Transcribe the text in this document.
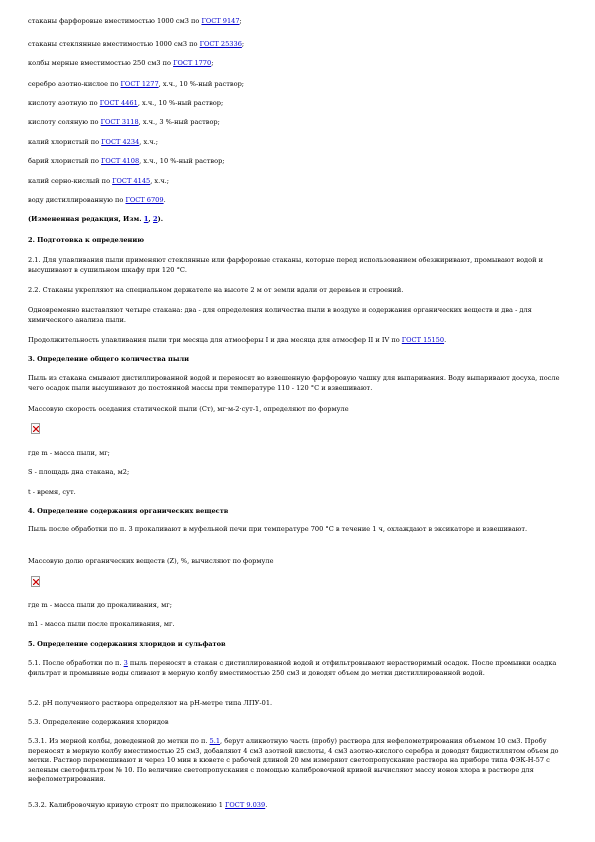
стаканы фарфоровые вместимостью 1000 см3 по ГОСТ 9147;
стаканы стеклянные вместимостью 1000 см3 по ГОСТ 25336;
колбы мерные вместимостью 250 см3 по ГОСТ 1770;
серебро азотно-кислое по ГОСТ 1277, х.ч., 10 %-ный раствор;
кислоту азотную по ГОСТ 4461, х.ч., 10 %-ный раствор;
кислоту соляную по ГОСТ 3118, х.ч., 3 %-ный раствор;
калий хлористый по ГОСТ 4234, х.ч.;
барий хлористый по ГОСТ 4108, х.ч., 10 %-ный раствор;
калий серно-кислый по ГОСТ 4145, х.ч.;
воду дистиллированную по ГОСТ 6709.
(Измененная редакция, Изм. 1, 2).
2. Подготовка к определению
2.1. Для улавливания пыли применяют стеклянные или фарфоровые стаканы, которые перед использованием обезжиривают, промывают водой и высушивают в сушильном шкафу при 120 °С.
2.2. Стаканы укрепляют на специальном держателе на высоте 2 м от земли вдали от деревьев и строений.
Одновременно выставляют четыре стакана: два - для определения количества пыли в воздухе и содержания органических веществ и два - для химического анализа пыли.
Продолжительность улавливания пыли три месяца для атмосферы I и два месяца для атмосфер II и IV по ГОСТ 15150.
3. Определение общего количества пыли
Пыль из стакана смывают дистиллированной водой и переносят во взвешенную фарфоровую чашку для выпаривания. Воду выпаривают досуха, после чего осадок пыли высушивают до постоянной массы при температуре 110 - 120 °С и взвешивают.
Массовую скорость оседания статической пыли (Ст), мг·м-2·сут-1, определяют по формуле
где m - масса пыли, мг;
S - площадь дна стакана, м2;
t - время, сут.
4. Определение содержания органических веществ
Пыль после обработки по п. 3 прокаливают в муфельной печи при температуре 700 °С в течение 1 ч, охлаждают в эксикаторе и взвешивают.
Массовую долю органических веществ (Z), %, вычисляют по формуле
где m - масса пыли до прокаливания, мг;
m1 - масса пыли после прокаливания, мг.
5. Определение содержания хлоридов и сульфатов
5.1. После обработки по п. 3 пыль переносят в стакан с дистиллированной водой и отфильтровывают нерастворимый осадок. После промывки осадка фильтрат и промывные воды сливают в мерную колбу вместимостью 250 см3 и доводят объем до метки дистиллированной водой.
5.2. pH полученного раствора определяют на pH-метре типа ЛПУ-01.
5.3. Определение содержания хлоридов
5.3.1. Из мерной колбы, доведенной до метки по п. 5.1, берут аликвотную часть (пробу) раствора для нефелометрирования объемом 10 см3. Пробу переносят в мерную колбу вместимостью 25 см3, добавляют 4 см3 азотной кислоты, 4 см3 азотно-кислого серебра и доводят бидистиллятом объем до метки. Раствор перемешивают и через 10 мин в кювете с рабочей длиной 20 мм измеряют светопропускание раствора на приборе типа ФЭК-Н-57 с зеленым светофильтром № 10. По величине светопропускания с помощью калибровочной кривой вычисляют массу ионов хлора в растворе для нефелометрирования.
5.3.2. Калибровочную кривую строят по приложению 1 ГОСТ 9.039.
